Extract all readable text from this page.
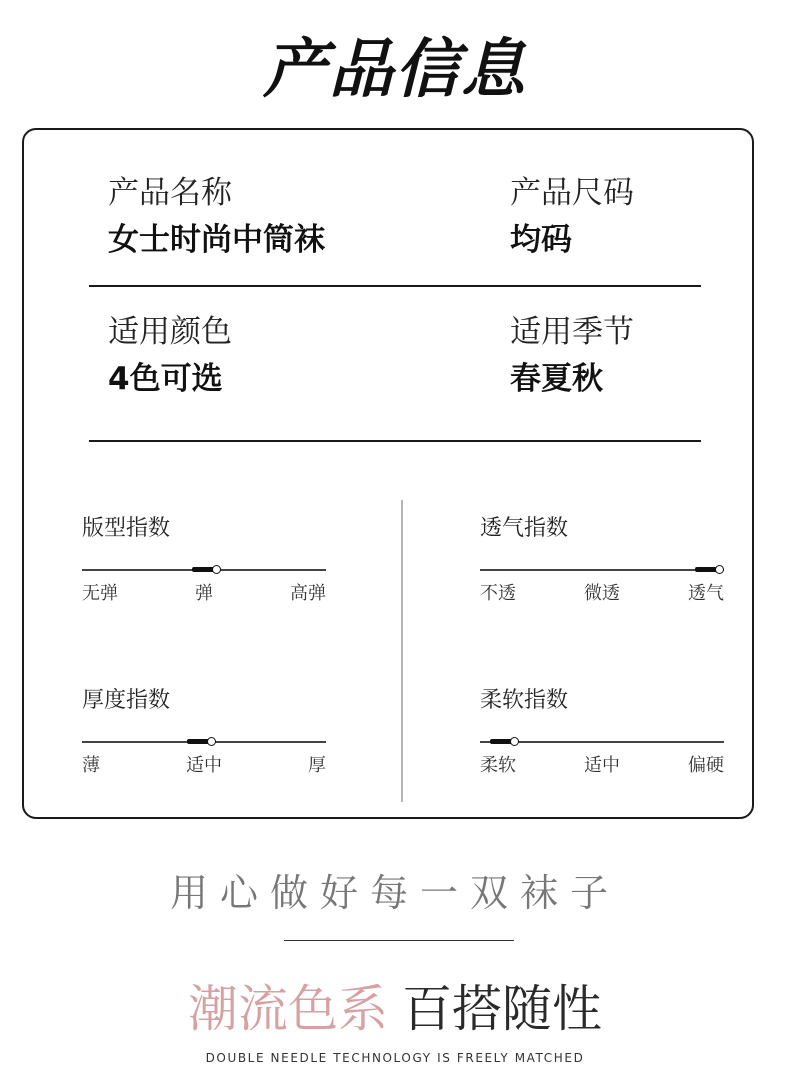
产品信息
产品名称
女士时尚中筒袜
产品尺码
均码
适用颜色
4色可选
适用季节
春夏秋
版型指数
无弹	弹	高弹
透气指数
不透	微透	透气
厚度指数
薄	适中	厚
柔软指数
柔软	适中	偏硬
用心做好每一双袜子
潮流色系 百搭随性
DOUBLE NEEDLE TECHNOLOGY IS FREELY MATCHED
